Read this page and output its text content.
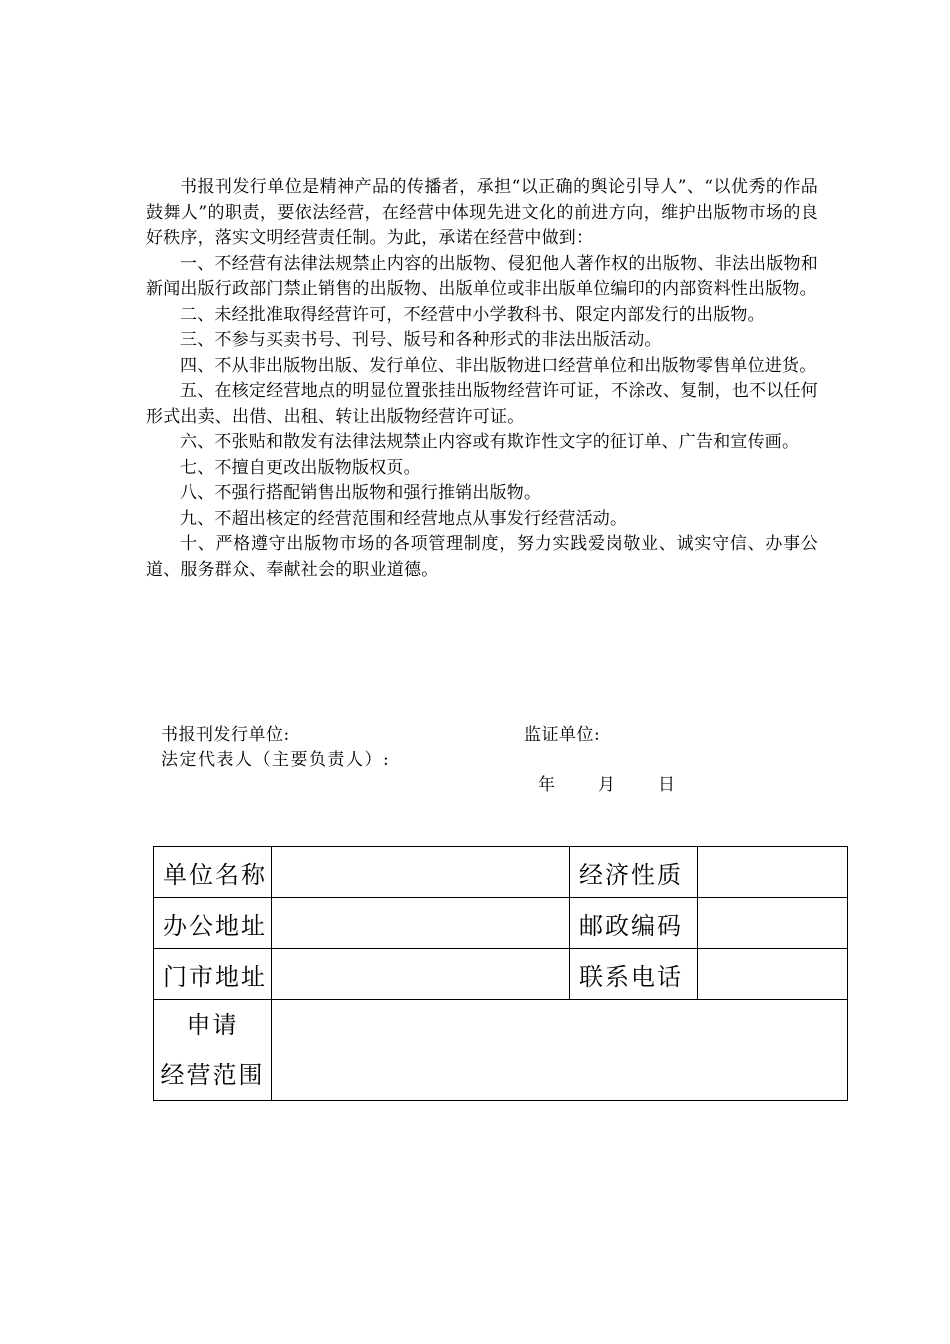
书报刊发行单位是精神产品的传播者，承担“以正确的舆论引导人”、“以优秀的作品鼓舞人”的职责，要依法经营，在经营中体现先进文化的前进方向，维护出版物市场的良好秩序，落实文明经营责任制。为此，承诺在经营中做到：

一、不经营有法律法规禁止内容的出版物、侵犯他人著作权的出版物、非法出版物和新闻出版行政部门禁止销售的出版物、出版单位或非出版单位编印的内部资料性出版物。

二、未经批准取得经营许可，不经营中小学教科书、限定内部发行的出版物。

三、不参与买卖书号、刊号、版号和各种形式的非法出版活动。

四、不从非出版物出版、发行单位、非出版物进口经营单位和出版物零售单位进货。

五、在核定经营地点的明显位置张挂出版物经营许可证，不涂改、复制，也不以任何形式出卖、出借、出租、转让出版物经营许可证。

六、不张贴和散发有法律法规禁止内容或有欺诈性文字的征订单、广告和宣传画。

七、不擅自更改出版物版权页。

八、不强行搭配销售出版物和强行推销出版物。

九、不超出核定的经营范围和经营地点从事发行经营活动。

十、严格遵守出版物市场的各项管理制度，努力实践爱岗敬业、诚实守信、办事公道、服务群众、奉献社会的职业道德。

书报刊发行单位:
法定代表人（主要负责人）:
监证单位:
年	月	日
单位名称		经济性质	
办公地址		邮政编码	
门市地址		联系电话	

申请
经营范围			
